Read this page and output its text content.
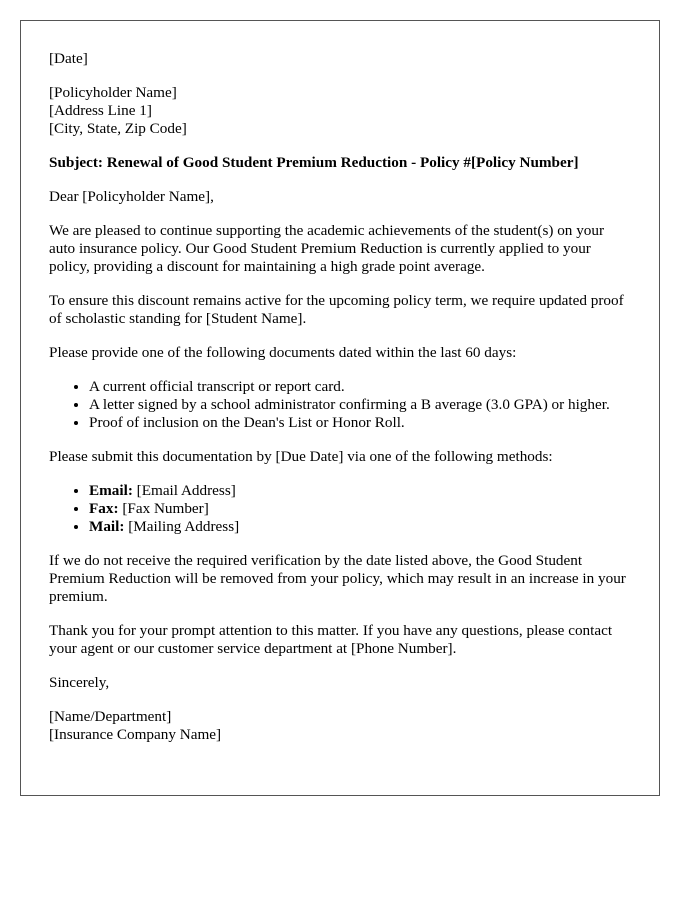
[Date]

[Policyholder Name]
[Address Line 1]
[City, State, Zip Code]

Subject: Renewal of Good Student Premium Reduction - Policy #[Policy Number]

Dear [Policyholder Name],

We are pleased to continue supporting the academic achievements of the student(s) on your auto insurance policy. Our Good Student Premium Reduction is currently applied to your policy, providing a discount for maintaining a high grade point average.

To ensure this discount remains active for the upcoming policy term, we require updated proof of scholastic standing for [Student Name].

Please provide one of the following documents dated within the last 60 days:

• A current official transcript or report card.
• A letter signed by a school administrator confirming a B average (3.0 GPA) or higher.
• Proof of inclusion on the Dean's List or Honor Roll.

Please submit this documentation by [Due Date] via one of the following methods:

• Email: [Email Address]
• Fax: [Fax Number]
• Mail: [Mailing Address]

If we do not receive the required verification by the date listed above, the Good Student Premium Reduction will be removed from your policy, which may result in an increase in your premium.

Thank you for your prompt attention to this matter. If you have any questions, please contact your agent or our customer service department at [Phone Number].

Sincerely,

[Name/Department]
[Insurance Company Name]
